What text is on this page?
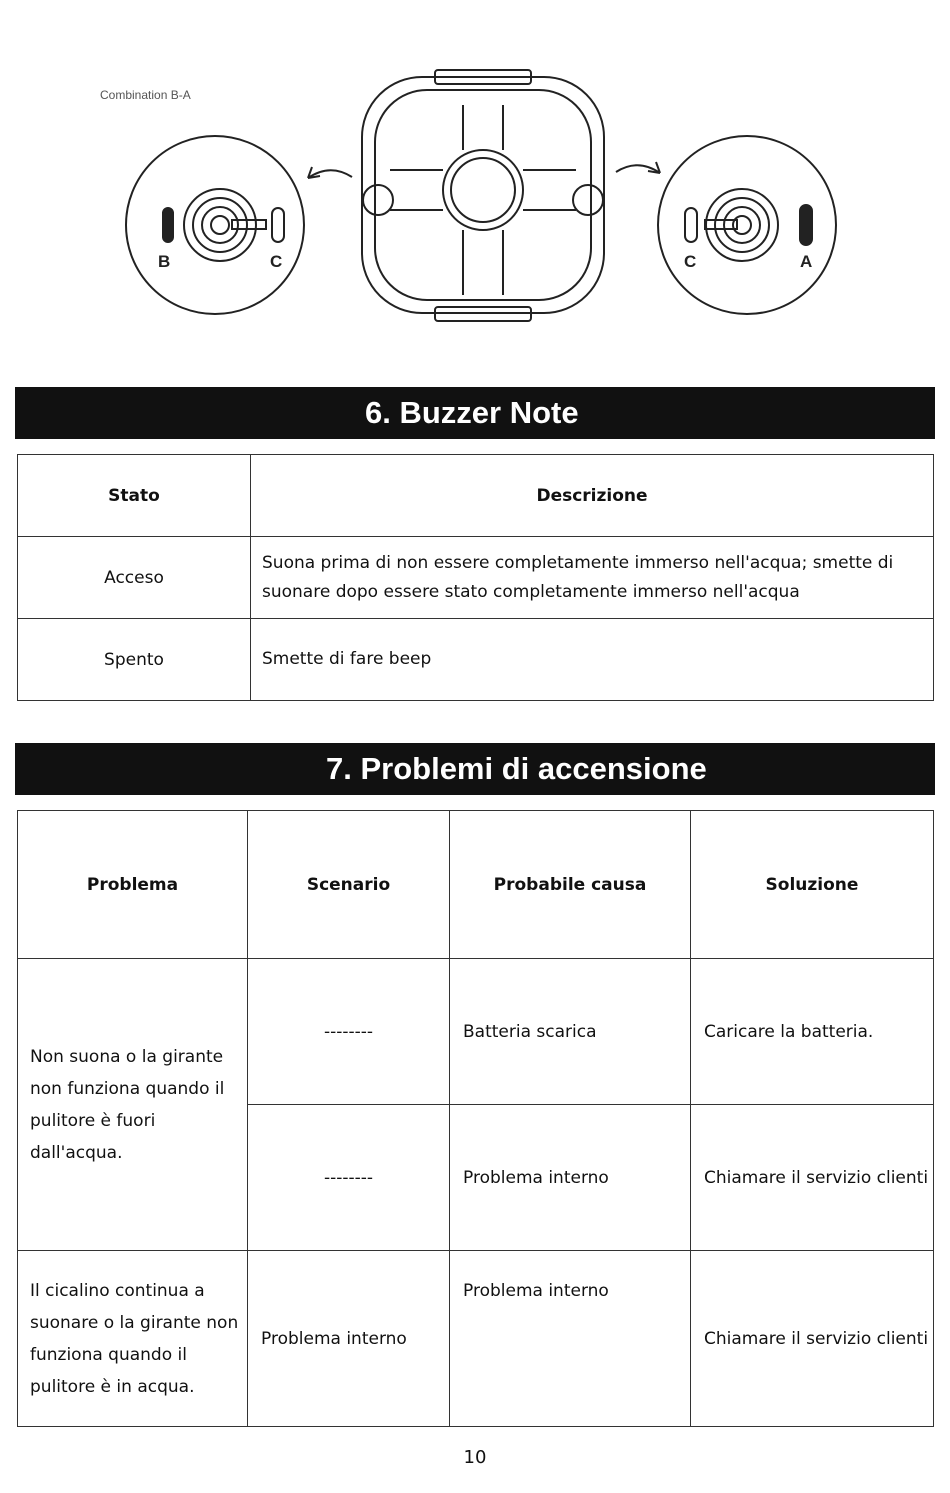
Combination B-A
B	C	C	A
6. Buzzer Note
Stato	Descrizione
Acceso	Suona prima di non essere completamente immerso nell'acqua; smette di suonare dopo essere stato completamente immerso nell'acqua
Spento	Smette di fare beep
7. Problemi di accensione
Problema	Scenario	Probabile causa	Soluzione
Non suona o la girante non funziona quando il pulitore è fuori dall'acqua.	--------	Batteria scarica	Caricare la batteria.
	--------	Problema interno	Chiamare il servizio clienti
Il cicalino continua a suonare o la girante non funziona quando il pulitore è in acqua.	Problema interno	Problema interno	Chiamare il servizio clienti
10
